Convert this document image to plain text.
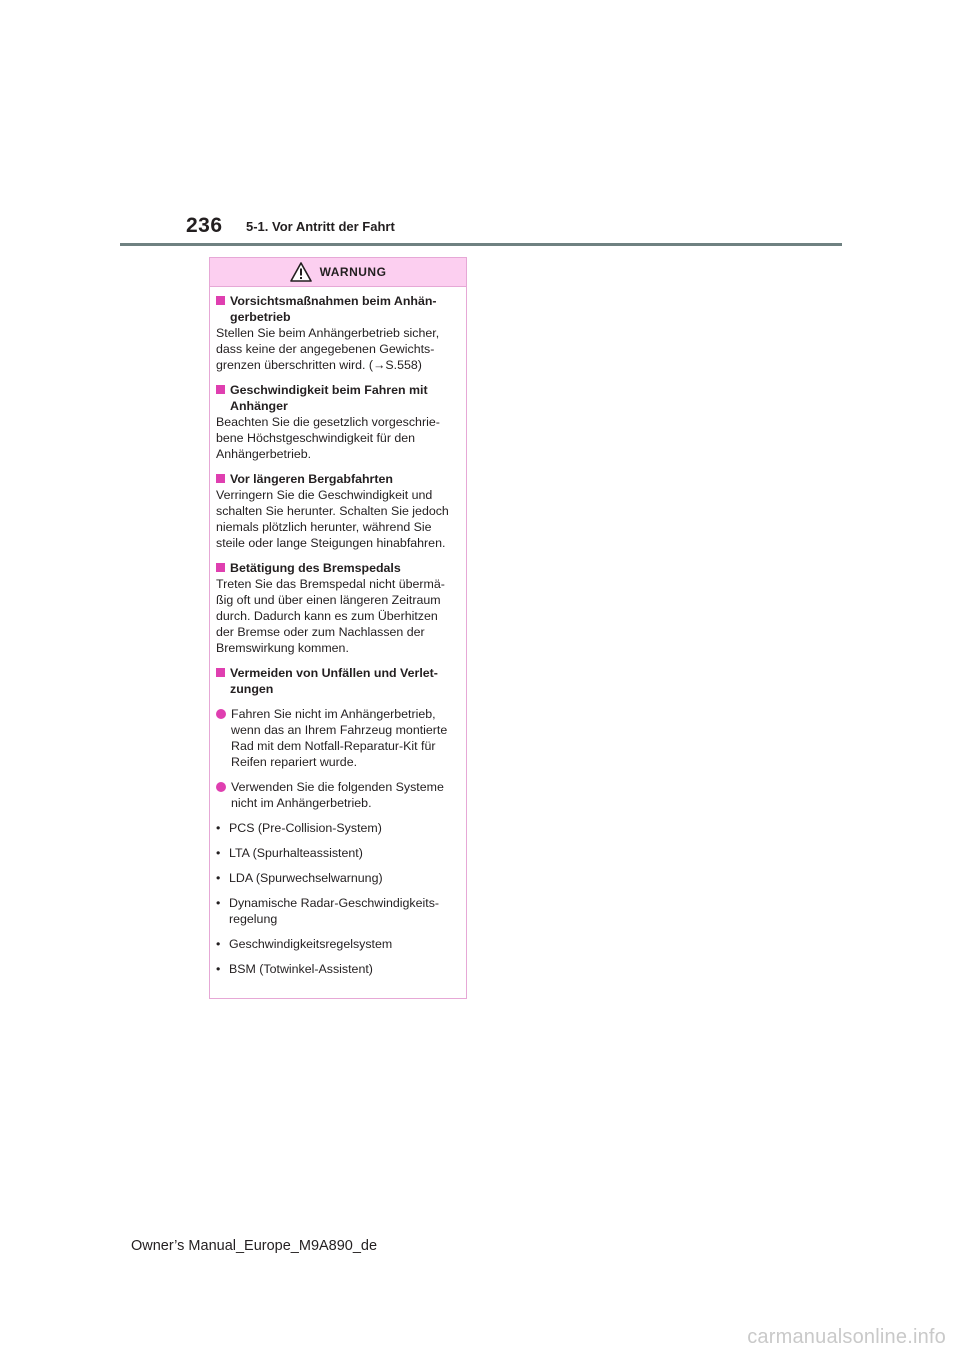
236 5-1. Vor Antritt der Fahrt
WARNUNG
Vorsichtsmaßnahmen beim Anhän-
gerbetrieb
Stellen Sie beim Anhängerbetrieb sicher,
dass keine der angegebenen Gewichts-
grenzen überschritten wird. (→S.558)
Geschwindigkeit beim Fahren mit
Anhänger
Beachten Sie die gesetzlich vorgeschrie-
bene Höchstgeschwindigkeit für den
Anhängerbetrieb.
Vor längeren Bergabfahrten
Verringern Sie die Geschwindigkeit und
schalten Sie herunter. Schalten Sie jedoch
niemals plötzlich herunter, während Sie
steile oder lange Steigungen hinabfahren.
Betätigung des Bremspedals
Treten Sie das Bremspedal nicht übermä-
ßig oft und über einen längeren Zeitraum
durch. Dadurch kann es zum Überhitzen
der Bremse oder zum Nachlassen der
Bremswirkung kommen.
Vermeiden von Unfällen und Verlet-
zungen
Fahren Sie nicht im Anhängerbetrieb,
wenn das an Ihrem Fahrzeug montierte
Rad mit dem Notfall-Reparatur-Kit für
Reifen repariert wurde.
Verwenden Sie die folgenden Systeme
nicht im Anhängerbetrieb.
• PCS (Pre-Collision-System)
• LTA (Spurhalteassistent)
• LDA (Spurwechselwarnung)
• Dynamische Radar-Geschwindigkeits-
regelung
• Geschwindigkeitsregelsystem
• BSM (Totwinkel-Assistent)
Owner’s Manual_Europe_M9A890_de
carmanualsonline.info
